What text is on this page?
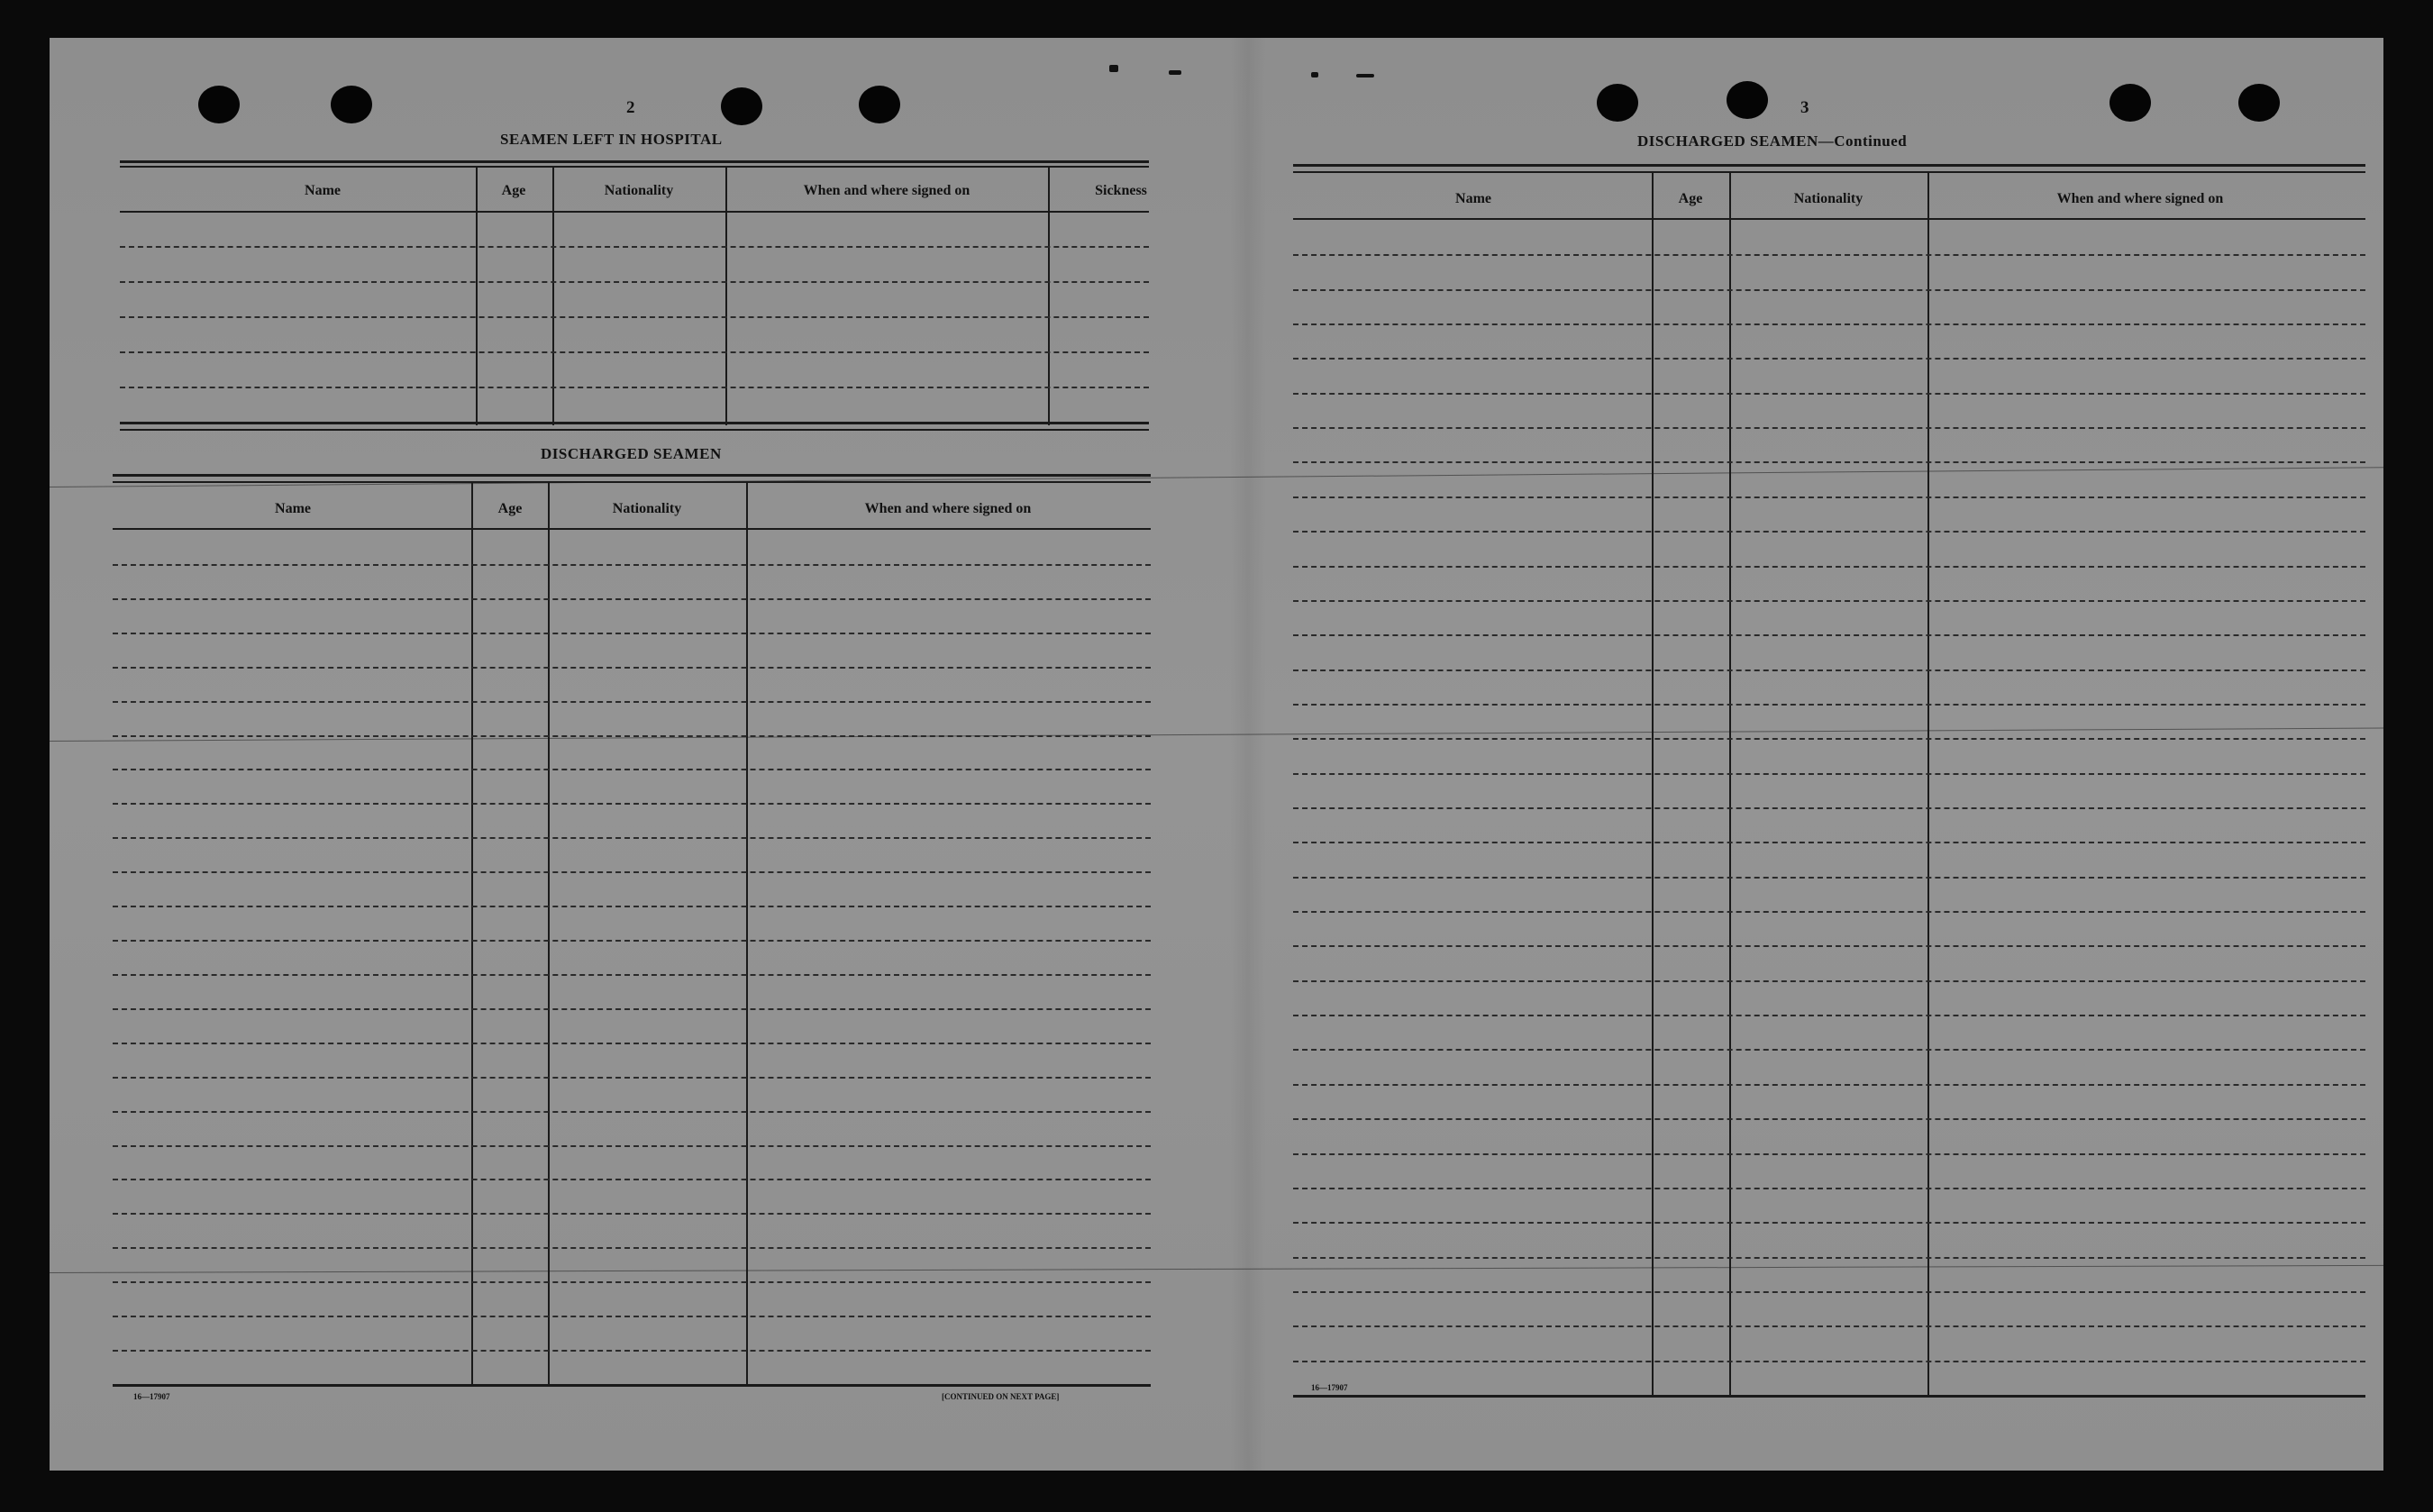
2
SEAMEN LEFT IN HOSPITAL
Name	Age	Nationality	When and where signed on	Sickness
DISCHARGED SEAMEN
Name	Age	Nationality	When and where signed on
16—17907	[CONTINUED ON NEXT PAGE]
3
DISCHARGED SEAMEN—Continued
Name	Age	Nationality	When and where signed on
16—17907
